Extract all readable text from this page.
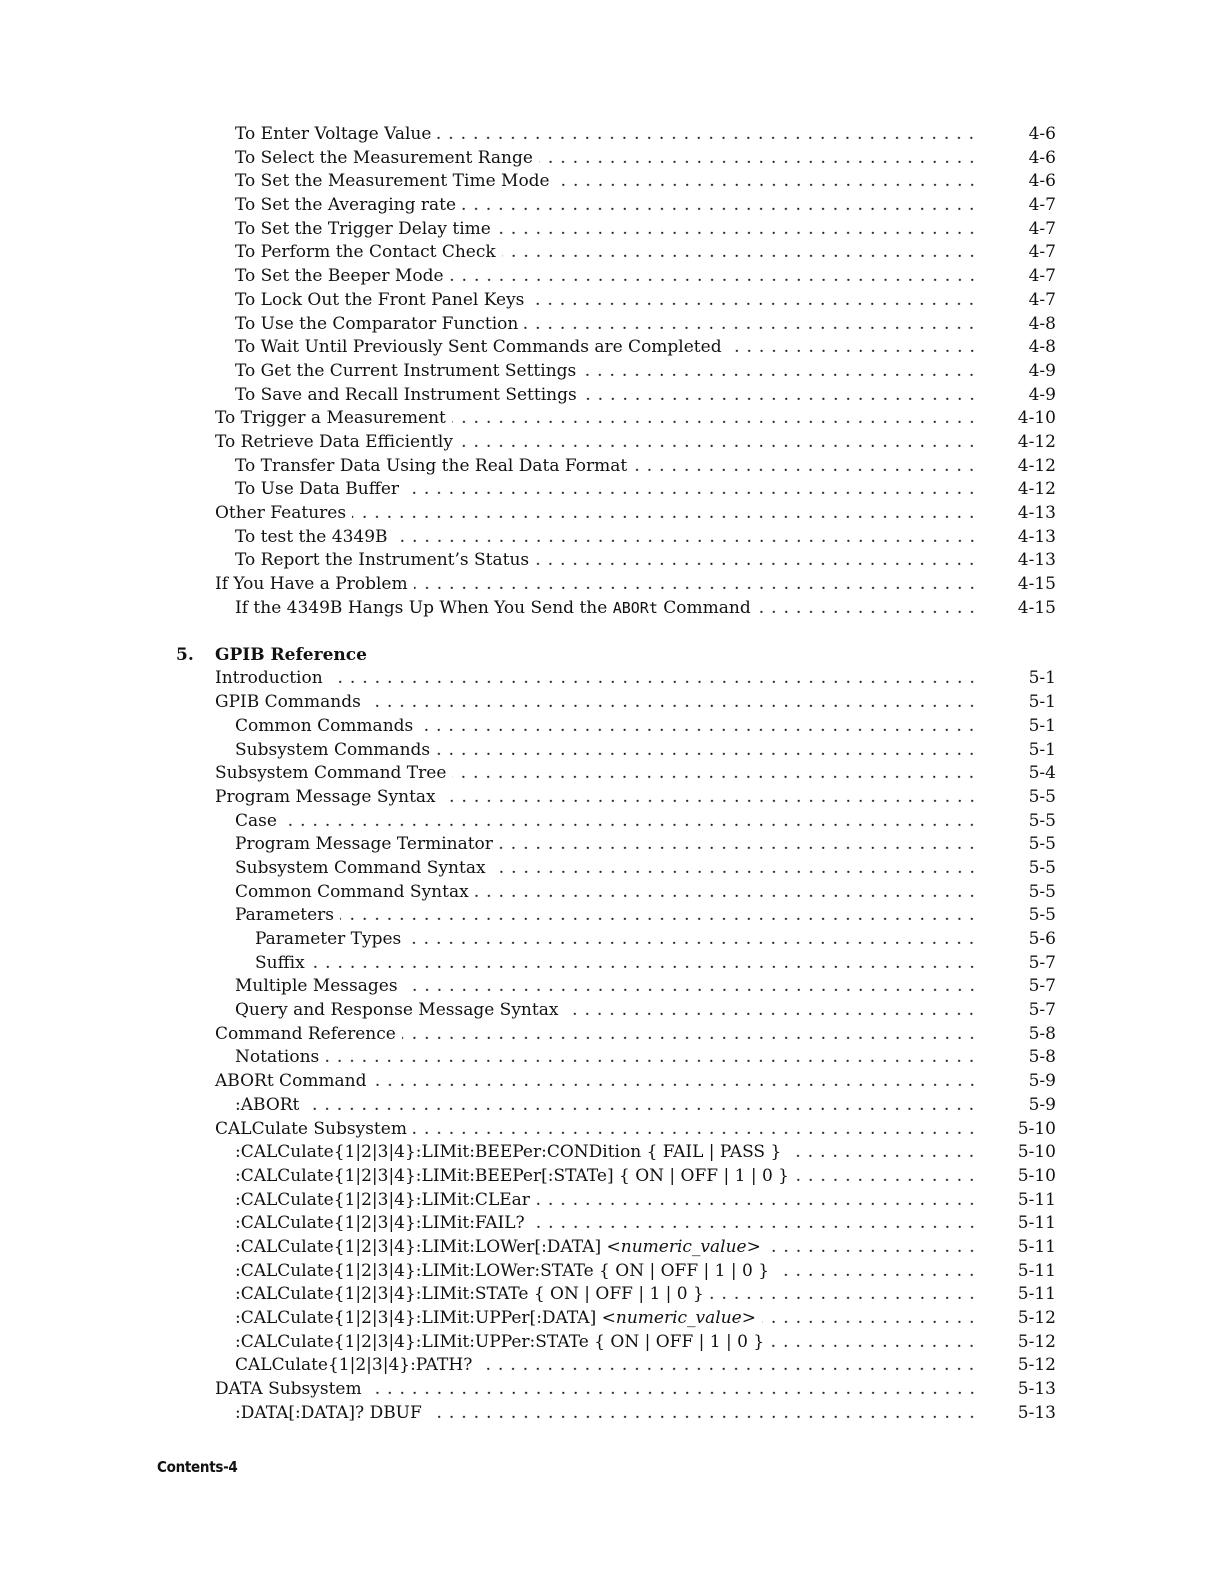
To Enter Voltage Value	4-6
To Select the Measurement Range	4-6
To Set the Measurement Time Mode	4-6
To Set the Averaging rate	4-7
To Set the Trigger Delay time	4-7
To Perform the Contact Check	4-7
To Set the Beeper Mode	4-7
To Lock Out the Front Panel Keys	4-7
To Use the Comparator Function	4-8
To Wait Until Previously Sent Commands are Completed	4-8
To Get the Current Instrument Settings	4-9
To Save and Recall Instrument Settings	4-9
To Trigger a Measurement	4-10
To Retrieve Data Efficiently	4-12
To Transfer Data Using the Real Data Format	4-12
To Use Data Buffer	4-12
Other Features	4-13
To test the 4349B	4-13
To Report the Instrument’s Status	4-13
If You Have a Problem	4-15
If the 4349B Hangs Up When You Send the ABORt Command	4-15
5.	GPIB Reference
Introduction	5-1
GPIB Commands	5-1
Common Commands	5-1
Subsystem Commands	5-1
Subsystem Command Tree	5-4
Program Message Syntax	5-5
Case	5-5
Program Message Terminator	5-5
Subsystem Command Syntax	5-5
Common Command Syntax	5-5
Parameters	5-5
Parameter Types	5-6
Suffix	5-7
Multiple Messages	5-7
Query and Response Message Syntax	5-7
Command Reference	5-8
Notations	5-8
ABORt Command	5-9
:ABORt	5-9
CALCulate Subsystem	5-10
:CALCulate{1|2|3|4}:LIMit:BEEPer:CONDition { FAIL | PASS }	5-10
:CALCulate{1|2|3|4}:LIMit:BEEPer[:STATe] { ON | OFF | 1 | 0 }	5-10
:CALCulate{1|2|3|4}:LIMit:CLEar	5-11
:CALCulate{1|2|3|4}:LIMit:FAIL?	5-11
:CALCulate{1|2|3|4}:LIMit:LOWer[:DATA] <numeric_value>	5-11
:CALCulate{1|2|3|4}:LIMit:LOWer:STATe { ON | OFF | 1 | 0 }	5-11
:CALCulate{1|2|3|4}:LIMit:STATe { ON | OFF | 1 | 0 }	5-11
:CALCulate{1|2|3|4}:LIMit:UPPer[:DATA] <numeric_value>	5-12
:CALCulate{1|2|3|4}:LIMit:UPPer:STATe { ON | OFF | 1 | 0 }	5-12
CALCulate{1|2|3|4}:PATH?	5-12
DATA Subsystem	5-13
:DATA[:DATA]? DBUF	5-13
Contents-4
